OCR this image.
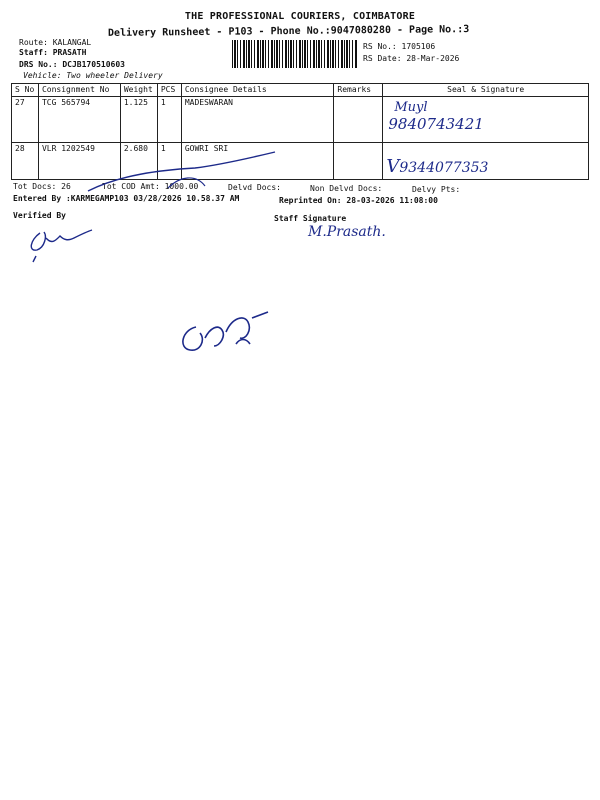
THE PROFESSIONAL COURIERS, COIMBATORE
Delivery Runsheet - P103 - Phone No.:9047080280 - Page No.:3
Route: KALANGAL
Staff: PRASATH
DRS No.: DCJB170510603
Vehicle: Two wheeler Delivery
RS No.: 1705106
RS Date: 28-Mar-2026
S No	Consignment No	Weight	PCS	Consignee Details	Remarks	Seal & Signature
27	TCG 565794	1.125	1	MADESWARAN		Muyl
9840743421

28	VLR 1202549	2.680	1	GOWRI SRI		V9344077353
Tot Docs: 26	Tot COD Amt: 1000.00	Delvd Docs:	Non Delvd Docs:	Delvy Pts:
Entered By :KARMEGAMP103 03/28/2026 10.58.37 AM	Reprinted On: 28-03-2026 11:08:00
Verified By	Staff Signature
M.Prasath.
